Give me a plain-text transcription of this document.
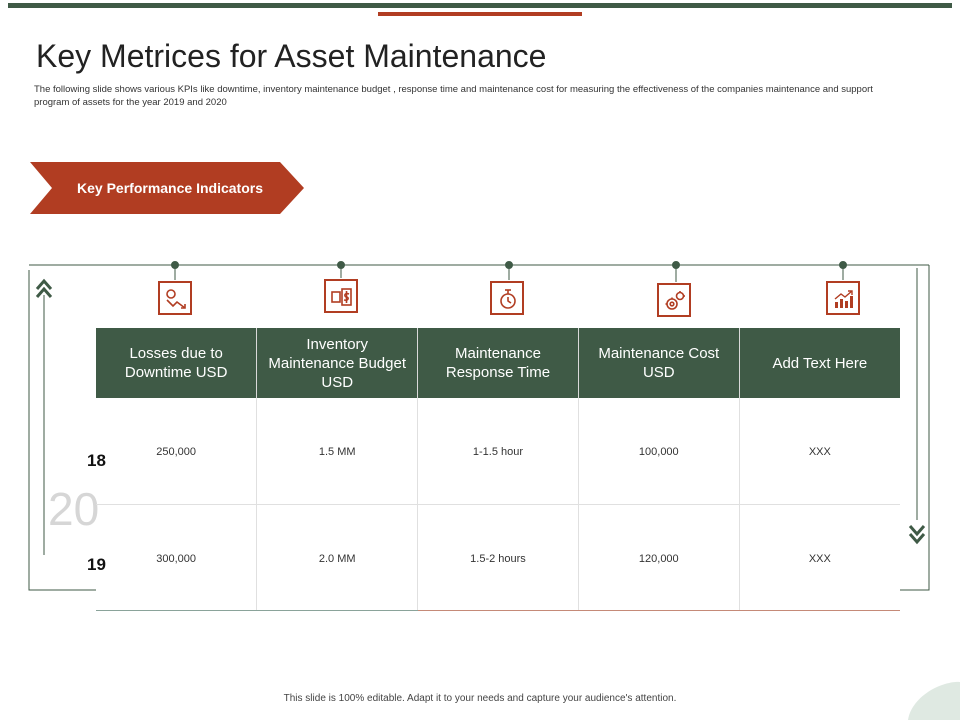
Key Metrices for Asset Maintenance
The following slide shows various KPIs like downtime, inventory maintenance budget , response time and maintenance cost for measuring the effectiveness of the companies maintenance and support program of assets for the year 2019 and 2020
Key Performance Indicators
20
18
19
Losses due to Downtime USD	Inventory Maintenance Budget USD	Maintenance Response Time	Maintenance Cost USD	Add Text Here
250,000	1.5 MM	1-1.5 hour	100,000	XXX
300,000	2.0 MM	1.5-2 hours	120,000	XXX
This slide is 100% editable. Adapt it to your needs and capture your audience's attention.
